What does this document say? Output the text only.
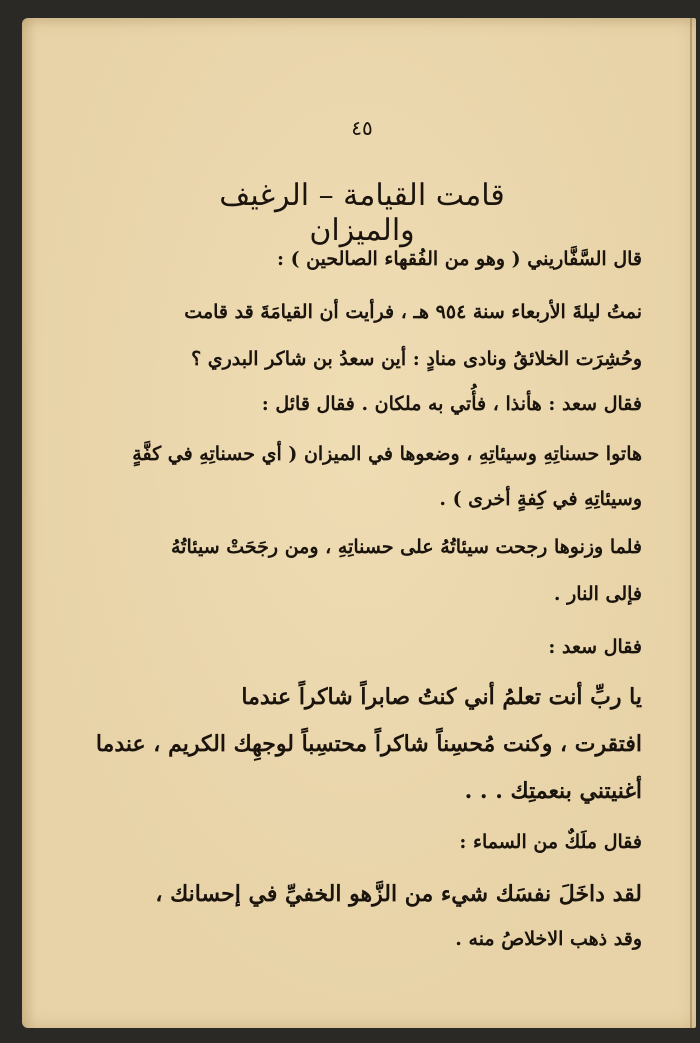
٤٥
قامت القيامة – الرغيف والميزان
قال السَّفَّاريني ( وهو من الفُقهاء الصالحين ) :
نمتُ ليلةَ الأربعاء سنة ٩٥٤ هـ ، فرأيت أن القيامَةَ قد قامت
وحُشِرَت الخلائقُ ونادى منادٍ : أين سعدُ بن شاكر البدري ؟
فقال سعد : هأنذا ، فأُتي به ملكان . فقال قائل :
هاتوا حسناتِهِ وسيئاتِهِ ، وضعوها في الميزان ( أي حسناتِهِ في كفَّةٍ
وسيئاتِهِ في كِفةٍ أخرى ) .
فلما وزنوها رجحت سيئاتُهُ على حسناتِهِ ، ومن رجَحَتْ سيئاتُهُ
فإلى النار .
فقال سعد :
يا ربِّ أنت تعلمُ أني كنتُ صابراً شاكراً عندما
افتقرت ، وكنت مُحسِناً شاكراً محتسِباً لوجهِك الكريم ، عندما
أغنيتني بنعمتِك . . .
فقال ملَكٌ من السماء :
لقد داخَلَ نفسَك شيء من الزَّهو الخفيِّ في إحسانك ،
وقد ذهب الاخلاصُ منه .
